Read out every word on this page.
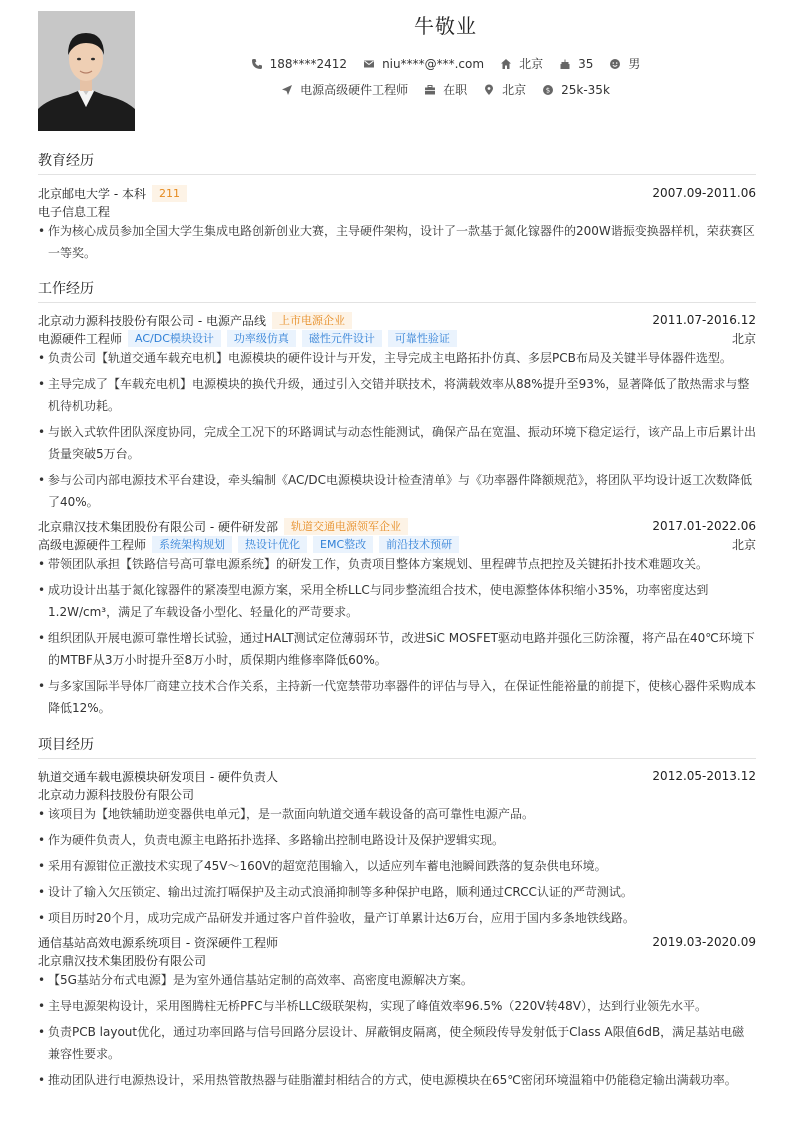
牛敬业
188****2412	niu****@***.com	北京	35	男
电源高级硬件工程师	在职	北京	$ 25k-35k
教育经历
北京邮电大学 - 本科	211	2007.09-2011.06
电子信息工程
• 作为核心成员参加全国大学生集成电路创新创业大赛，主导硬件架构，设计了一款基于氮化镓器件的200W谐振变换器样机，荣获赛区一等奖。
工作经历
北京动力源科技股份有限公司 - 电源产品线	上市电源企业	2011.07-2016.12
电源硬件工程师	AC/DC模块设计	功率级仿真	磁性元件设计	可靠性验证	北京
• 负责公司【轨道交通车载充电机】电源模块的硬件设计与开发，主导完成主电路拓扑仿真、多层PCB布局及关键半导体器件选型。
• 主导完成了【车载充电机】电源模块的换代升级，通过引入交错并联技术，将满载效率从88%提升至93%，显著降低了散热需求与整机待机功耗。
• 与嵌入式软件团队深度协同，完成全工况下的环路调试与动态性能测试，确保产品在宽温、振动环境下稳定运行，该产品上市后累计出货量突破5万台。
• 参与公司内部电源技术平台建设，牵头编制《AC/DC电源模块设计检查清单》与《功率器件降额规范》，将团队平均设计返工次数降低了40%。
北京鼎汉技术集团股份有限公司 - 硬件研发部	轨道交通电源领军企业	2017.01-2022.06
高级电源硬件工程师	系统架构规划	热设计优化	EMC整改	前沿技术预研	北京
• 带领团队承担【铁路信号高可靠电源系统】的研发工作，负责项目整体方案规划、里程碑节点把控及关键拓扑技术难题攻关。
• 成功设计出基于氮化镓器件的紧凑型电源方案，采用全桥LLC与同步整流组合技术，使电源整体体积缩小35%，功率密度达到1.2W/cm³，满足了车载设备小型化、轻量化的严苛要求。
• 组织团队开展电源可靠性增长试验，通过HALT测试定位薄弱环节，改进SiC MOSFET驱动电路并强化三防涂覆，将产品在40℃环境下的MTBF从3万小时提升至8万小时，质保期内维修率降低60%。
• 与多家国际半导体厂商建立技术合作关系，主持新一代宽禁带功率器件的评估与导入，在保证性能裕量的前提下，使核心器件采购成本降低12%。
项目经历
轨道交通车载电源模块研发项目 - 硬件负责人	2012.05-2013.12
北京动力源科技股份有限公司
• 该项目为【地铁辅助逆变器供电单元】，是一款面向轨道交通车载设备的高可靠性电源产品。
• 作为硬件负责人，负责电源主电路拓扑选择、多路输出控制电路设计及保护逻辑实现。
• 采用有源钳位正激技术实现了45V～160V的超宽范围输入，以适应列车蓄电池瞬间跌落的复杂供电环境。
• 设计了输入欠压锁定、输出过流打嗝保护及主动式浪涌抑制等多种保护电路，顺利通过CRCC认证的严苛测试。
• 项目历时20个月，成功完成产品研发并通过客户首件验收，量产订单累计达6万台，应用于国内多条地铁线路。
通信基站高效电源系统项目 - 资深硬件工程师	2019.03-2020.09
北京鼎汉技术集团股份有限公司
• 【5G基站分布式电源】是为室外通信基站定制的高效率、高密度电源解决方案。
• 主导电源架构设计，采用图腾柱无桥PFC与半桥LLC级联架构，实现了峰值效率96.5%（220V转48V），达到行业领先水平。
• 负责PCB layout优化，通过功率回路与信号回路分层设计、屏蔽铜皮隔离，使全频段传导发射低于Class A限值6dB，满足基站电磁兼容性要求。
• 推动团队进行电源热设计，采用热管散热器与硅脂灌封相结合的方式，使电源模块在65℃密闭环境温箱中仍能稳定输出满载功率。
